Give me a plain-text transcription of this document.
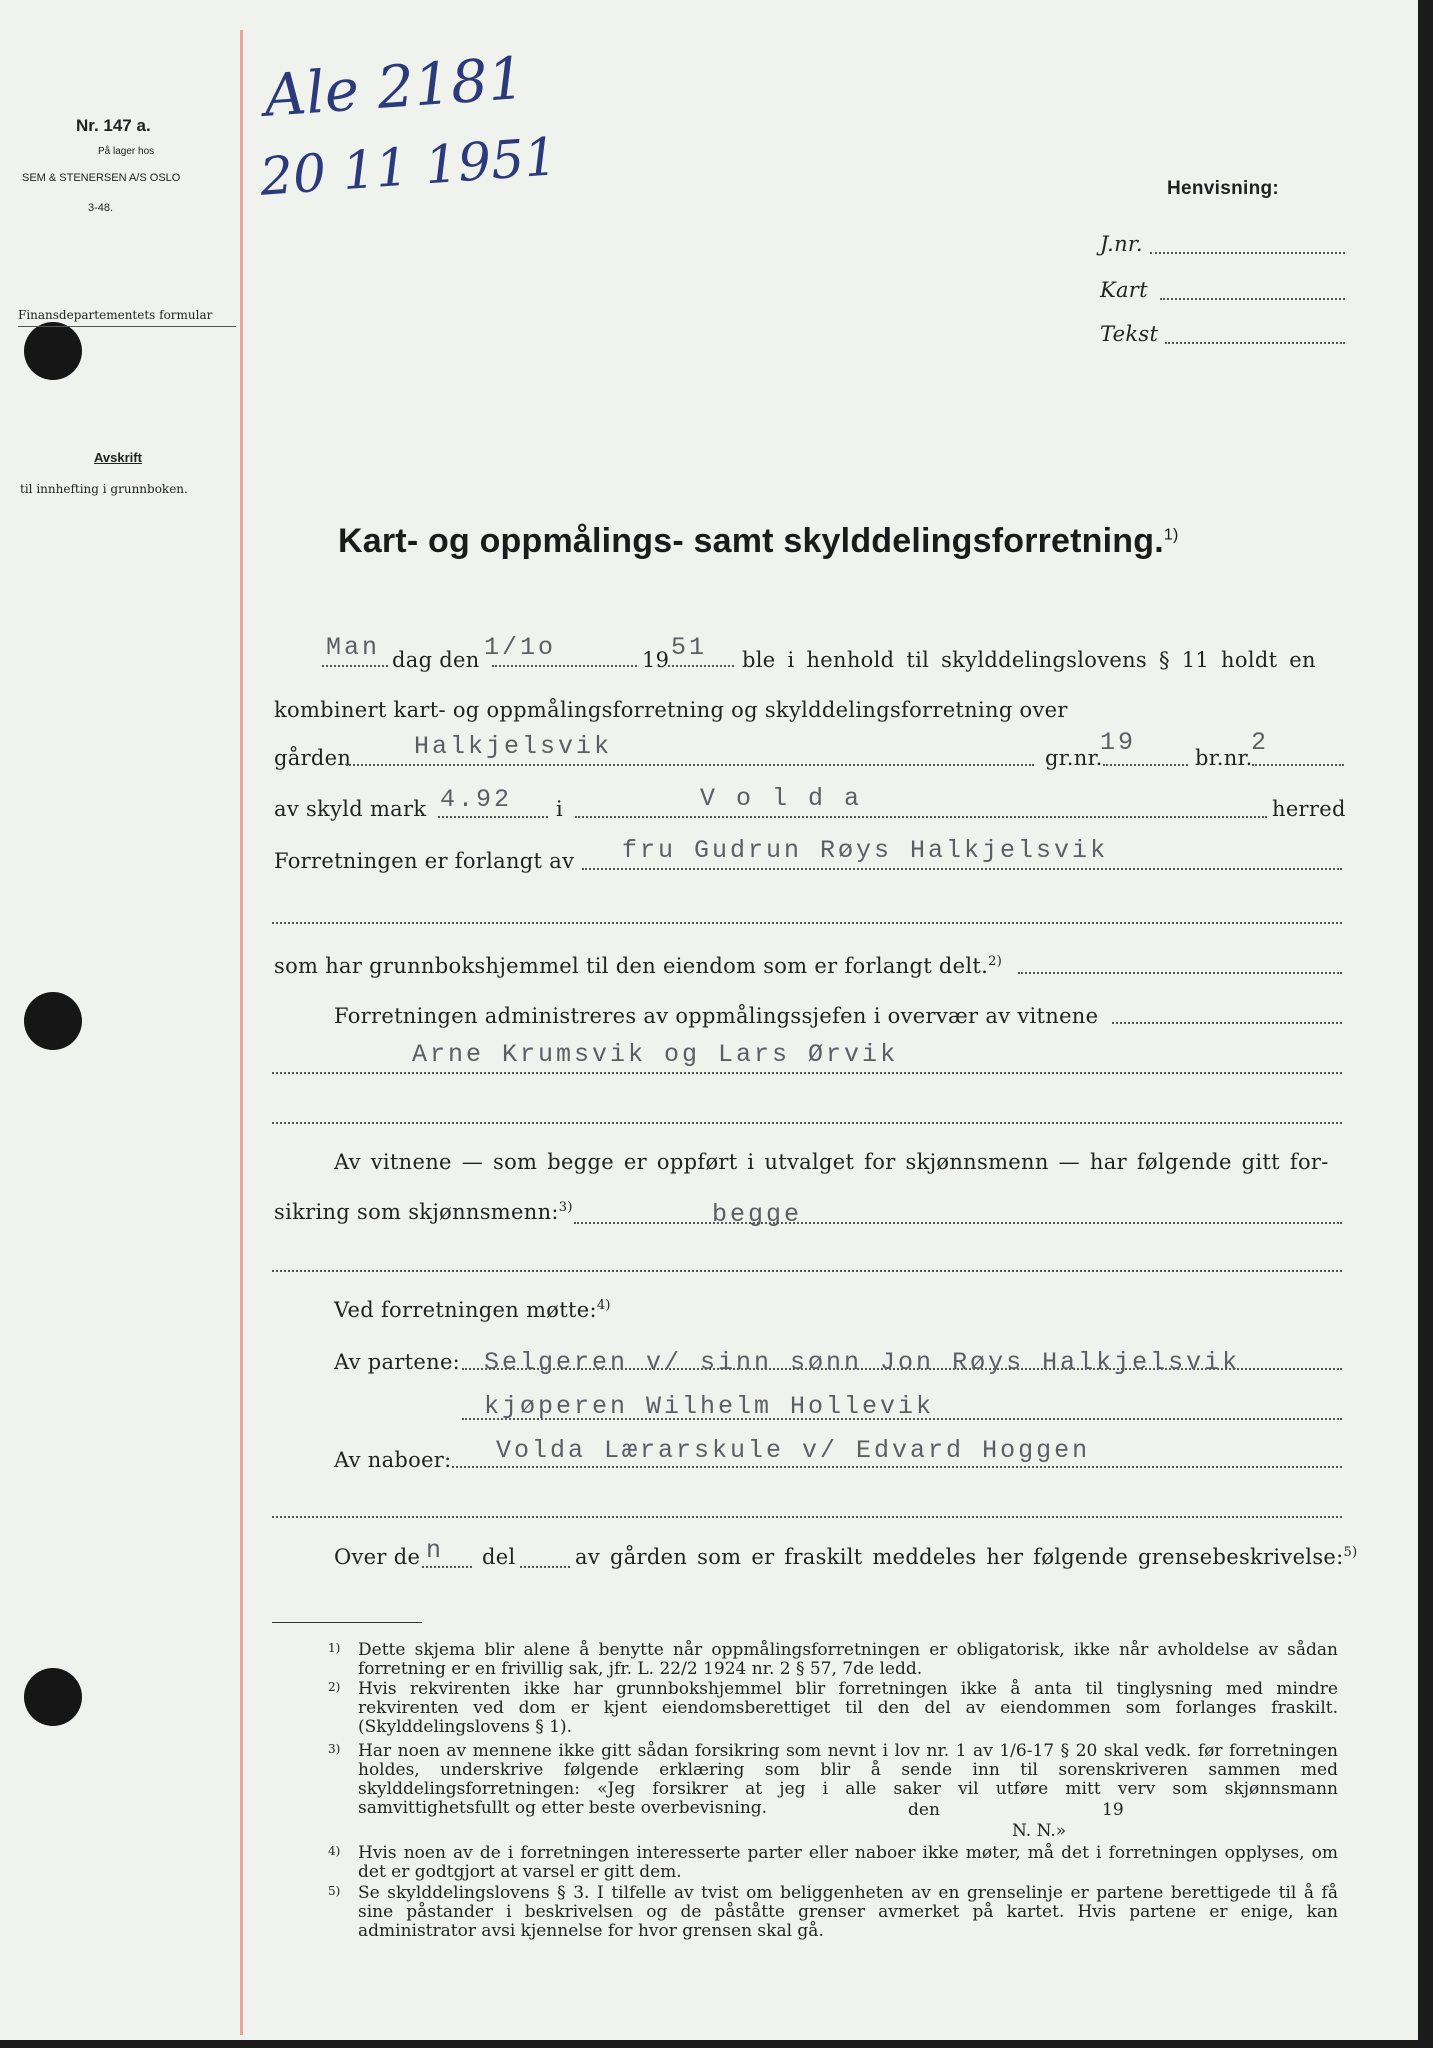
Nr. 147 a.
På lager hos
SEM & STENERSEN A/S OSLO
3-48.
Finansdepartementets formular
Avskrift
til innhefting i grunnboken.
Ale 2181
20 11 1951	Henvisning:
J.nr.
Kart
Tekst
Kart- og oppmålings- samt skylddelingsforretning.$^{1)}$
Man dag den 1/1o	19 51 ble i henhold til skylddelingslovens § 11 holdt en
kombinert kart- og oppmålingsforretning og skylddelingsforretning over
gården	Halkjelsvik	gr.nr.
19
br.nr.
2
av skyld mark 4.92 i	V o l d a	herred
Forretningen er forlangt av fru Gudrun Røys Halkjelsvik
som har grunnbokshjemmel til den eiendom som er forlangt delt.$^{2)}$
Forretningen administreres av oppmålingssjefen i overvær av vitnene
Arne Krumsvik og Lars Ørvik
Av vitnene — som begge er oppført i utvalget for skjønnsmenn — har følgende gitt for-
sikring som skjønnsmenn:$^{3)}$	begge
Ved forretningen møtte:$^{4)}$
Av partene: Selgeren v/ sinn sønn Jon Røys Halkjelsvik
kjøperen Wilhelm Hollevik
Av naboer: Volda Lærarskule v/ Edvard Hoggen
Over de n del	av gården som er fraskilt meddeles her følgende grensebeskrivelse:$^{5)}$
1) Dette skjema blir alene å benytte når oppmålingsforretningen er obligatorisk, ikke når avholdelse av sådan forretning er en frivillig sak, jfr. L. 22/2 1924 nr. 2 § 57, 7de ledd.
2) Hvis rekvirenten ikke har grunnbokshjemmel blir forretningen ikke å anta til tinglysning med mindre rekvirenten ved dom er kjent eiendomsberettiget til den del av eiendommen som forlanges fraskilt. (Skylddelingslovens § 1).
3) Har noen av mennene ikke gitt sådan forsikring som nevnt i lov nr. 1 av 1/6-17 § 20 skal vedk. før forretningen holdes, underskrive følgende erklæring som blir å sende inn til sorenskriveren sammen med skylddelingsforretningen: «Jeg forsikrer at jeg i alle saker vil utføre mitt verv som skjønnsmann samvittighetsfullt og etter beste overbevisning.	den	19
N. N.»
4) Hvis noen av de i forretningen interesserte parter eller naboer ikke møter, må det i forretningen opplyses, om det er godtgjort at varsel er gitt dem.
5) Se skylddelingslovens § 3. I tilfelle av tvist om beliggenheten av en grenselinje er partene berettigede til å få sine påstander i beskrivelsen og de påståtte grenser avmerket på kartet. Hvis partene er enige, kan administrator avsi kjennelse for hvor grensen skal gå.
